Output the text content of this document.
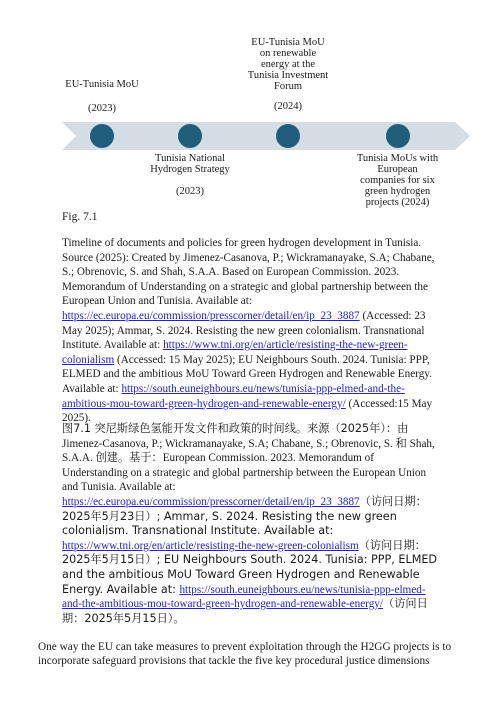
EU-Tunisia MoU
(2023)
Tunisia National
Hydrogen Strategy
(2023)
EU-Tunisia MoU
on renewable
energy at the
Tunisia Investment
Forum
(2024)
Tunisia MoUs with
European
companies for six
green hydrogen
projects (2024)
Fig. 7.1
Timeline of documents and policies for green hydrogen development in Tunisia. Source (2025): Created by Jimenez-Casanova, P.; Wickramanayake, S.A; Chabane, S.; Obrenovic, S. and Shah, S.A.A. Based on European Commission. 2023. Memorandum of Understanding on a strategic and global partnership between the European Union and Tunisia. Available at: https://ec.europa.eu/commission/presscorner/detail/en/ip_23_3887 (Accessed: 23 May 2025); Ammar, S. 2024. Resisting the new green colonialism. Transnational Institute. Available at: https://www.tni.org/en/article/resisting-the-new-green-colonialism (Accessed: 15 May 2025); EU Neighbours South. 2024. Tunisia: PPP, ELMED and the ambitious MoU Toward Green Hydrogen and Renewable Energy. Available at: https://south.euneighbours.eu/news/tunisia-ppp-elmed-and-the-ambitious-mou-toward-green-hydrogen-and-renewable-energy/ (Accessed:15 May 2025).
图7.1 突尼斯绿色氢能开发文件和政策的时间线。来源（2025年）：由 Jimenez-Casanova, P.; Wickramanayake, S.A; Chabane, S.; Obrenovic, S. 和 Shah, S.A.A. 创建。基于：European Commission. 2023. Memorandum of Understanding on a strategic and global partnership between the European Union and Tunisia. Available at: https://ec.europa.eu/commission/presscorner/detail/en/ip_23_3887（访问日期：2025年5月23日）; Ammar, S. 2024. Resisting the new green colonialism. Transnational Institute. Available at: https://www.tni.org/en/article/resisting-the-new-green-colonialism（访问日期：2025年5月15日）; EU Neighbours South. 2024. Tunisia: PPP, ELMED and the ambitious MoU Toward Green Hydrogen and Renewable Energy. Available at: https://south.euneighbours.eu/news/tunisia-ppp-elmed-and-the-ambitious-mou-toward-green-hydrogen-and-renewable-energy/（访问日期：2025年5月15日）。
One way the EU can take measures to prevent exploitation through the H2GG projects is to incorporate safeguard provisions that tackle the five key procedural justice dimensions
